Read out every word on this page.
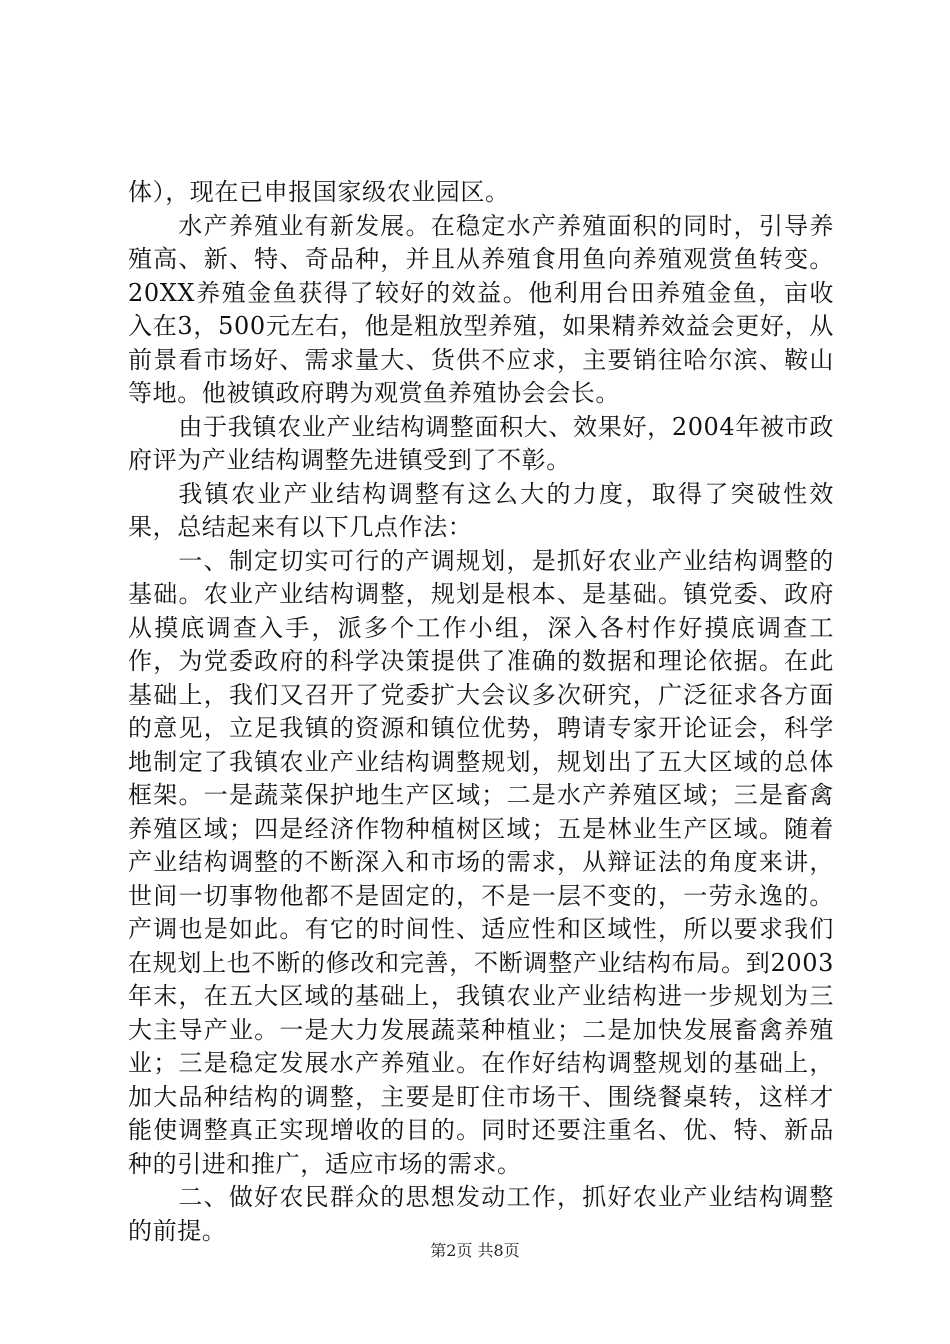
体），现在已申报国家级农业园区。

水产养殖业有新发展。在稳定水产养殖面积的同时，引导养殖高、新、特、奇品种，并且从养殖食用鱼向养殖观赏鱼转变。20XX养殖金鱼获得了较好的效益。他利用台田养殖金鱼，亩收入在3，500元左右，他是粗放型养殖，如果精养效益会更好，从前景看市场好、需求量大、货供不应求，主要销往哈尔滨、鞍山等地。他被镇政府聘为观赏鱼养殖协会会长。

由于我镇农业产业结构调整面积大、效果好，2004年被市政府评为产业结构调整先进镇受到了不彰。

我镇农业产业结构调整有这么大的力度，取得了突破性效果，总结起来有以下几点作法：

一、制定切实可行的产调规划，是抓好农业产业结构调整的基础。农业产业结构调整，规划是根本、是基础。镇党委、政府从摸底调查入手，派多个工作小组，深入各村作好摸底调查工作，为党委政府的科学决策提供了准确的数据和理论依据。在此基础上，我们又召开了党委扩大会议多次研究，广泛征求各方面的意见，立足我镇的资源和镇位优势，聘请专家开论证会，科学地制定了我镇农业产业结构调整规划，规划出了五大区域的总体框架。一是蔬菜保护地生产区域；二是水产养殖区域；三是畜禽养殖区域；四是经济作物种植树区域；五是林业生产区域。随着产业结构调整的不断深入和市场的需求，从辩证法的角度来讲，世间一切事物他都不是固定的，不是一层不变的，一劳永逸的。产调也是如此。有它的时间性、适应性和区域性，所以要求我们在规划上也不断的修改和完善，不断调整产业结构布局。到2003年末，在五大区域的基础上，我镇农业产业结构进一步规划为三大主导产业。一是大力发展蔬菜种植业；二是加快发展畜禽养殖业；三是稳定发展水产养殖业。在作好结构调整规划的基础上，加大品种结构的调整，主要是盯住市场干、围绕餐桌转，这样才能使调整真正实现增收的目的。同时还要注重名、优、特、新品种的引进和推广，适应市场的需求。

二、做好农民群众的思想发动工作，抓好农业产业结构调整的前提。

第2页 共8页
